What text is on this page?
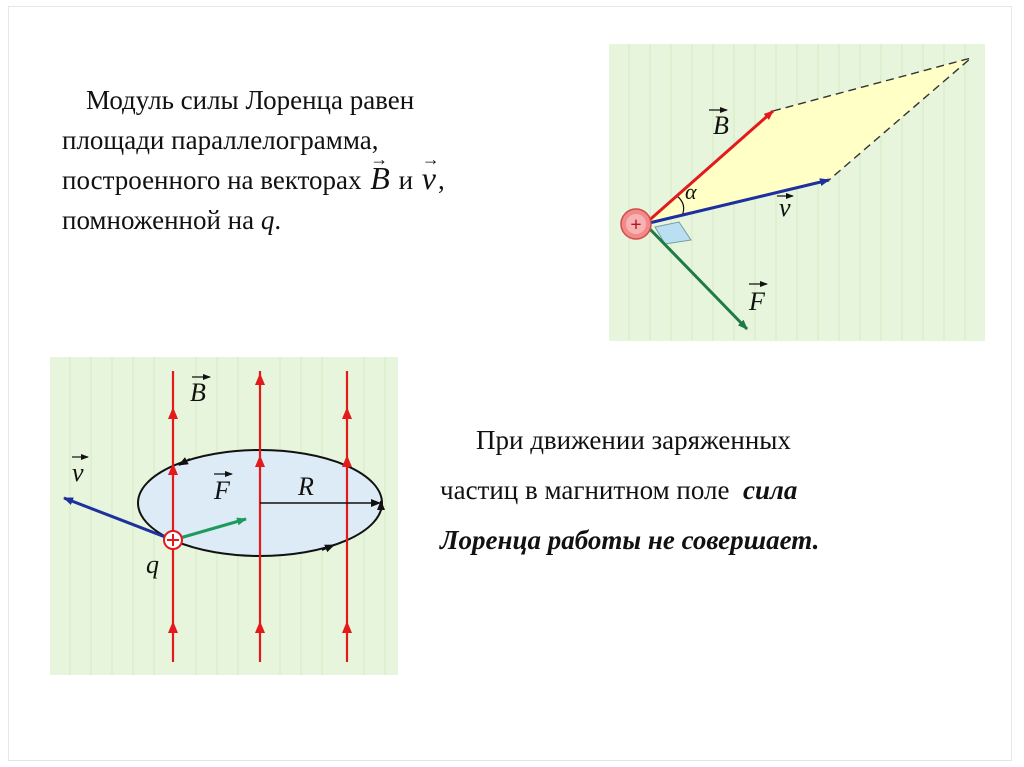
Модуль силы Лоренца равен
площади параллелограмма,
построенного на векторах → B и → v,
помноженной на q.
При движении заряженных
частиц в магнитном поле сила
Лоренца работы не совершает.
B
v
F
α
+
B
v
F	R
q
